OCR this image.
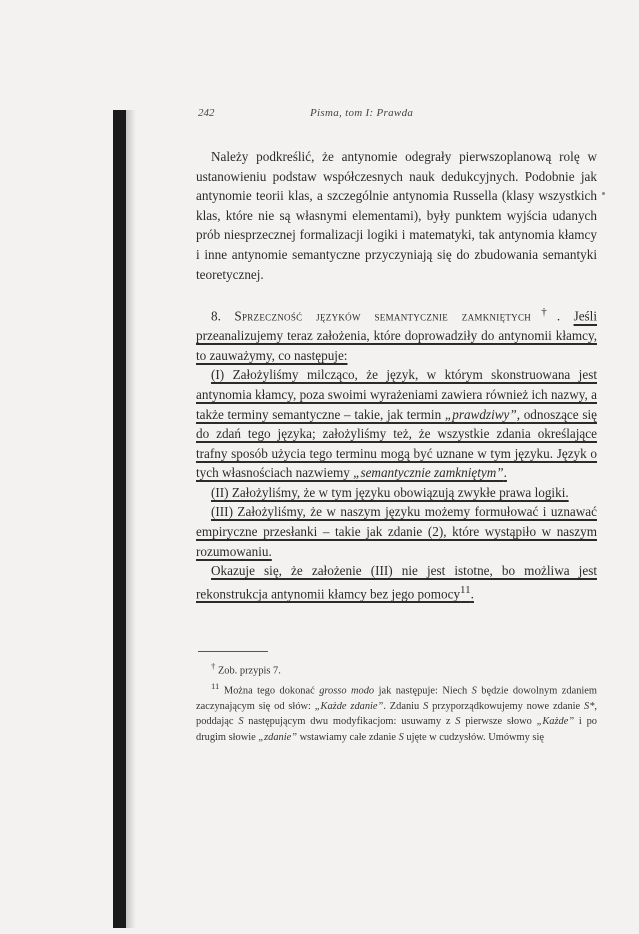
242	Pisma, tom I: Prawda

Należy podkreślić, że antynomie odegrały pierwszoplanową rolę w ustanowieniu podstaw współczesnych nauk dedukcyjnych. Podobnie jak antynomie teorii klas, a szczególnie antynomia Russella (klasy wszystkich klas, które nie są własnymi elementami), były punktem wyjścia udanych prób niesprzecznej formalizacji logiki i matematyki, tak antynomia kłamcy i inne antynomie semantyczne przyczyniają się do zbudowania semantyki teoretycznej.

8. Sprzeczność języków semantycznie zamkniętych†. Jeśli przeanalizujemy teraz założenia, które doprowadziły do antynomii kłamcy, to zauważymy, co następuje:

(I) Założyliśmy milcząco, że język, w którym skonstruowana jest antynomia kłamcy, poza swoimi wyrażeniami zawiera również ich nazwy, a także terminy semantyczne – takie, jak termin „prawdziwy”, odnoszące się do zdań tego języka; założyliśmy też, że wszystkie zdania określające trafny sposób użycia tego terminu mogą być uznane w tym języku. Język o tych własnościach nazwiemy „semantycznie zamkniętym”.

(II) Założyliśmy, że w tym języku obowiązują zwykłe prawa logiki.

(III) Założyliśmy, że w naszym języku możemy formułować i uznawać empiryczne przesłanki – takie jak zdanie (2), które wystąpiło w naszym rozumowaniu.

Okazuje się, że założenie (III) nie jest istotne, bo możliwa jest rekonstrukcja antynomii kłamcy bez jego pomocy$^{11}$.

† Zob. przypis 7.

$^{11}$ Można tego dokonać grosso modo jak następuje: Niech S będzie dowolnym zdaniem zaczynającym się od słów: „Każde zdanie”. Zdaniu S przyporządkowujemy nowe zdanie S*, poddając S następującym dwu modyfikacjom: usuwamy z S pierwsze słowo „Każde” i po drugim słowie „zdanie” wstawiamy całe zdanie S ujęte w cudzysłów. Umówmy się
